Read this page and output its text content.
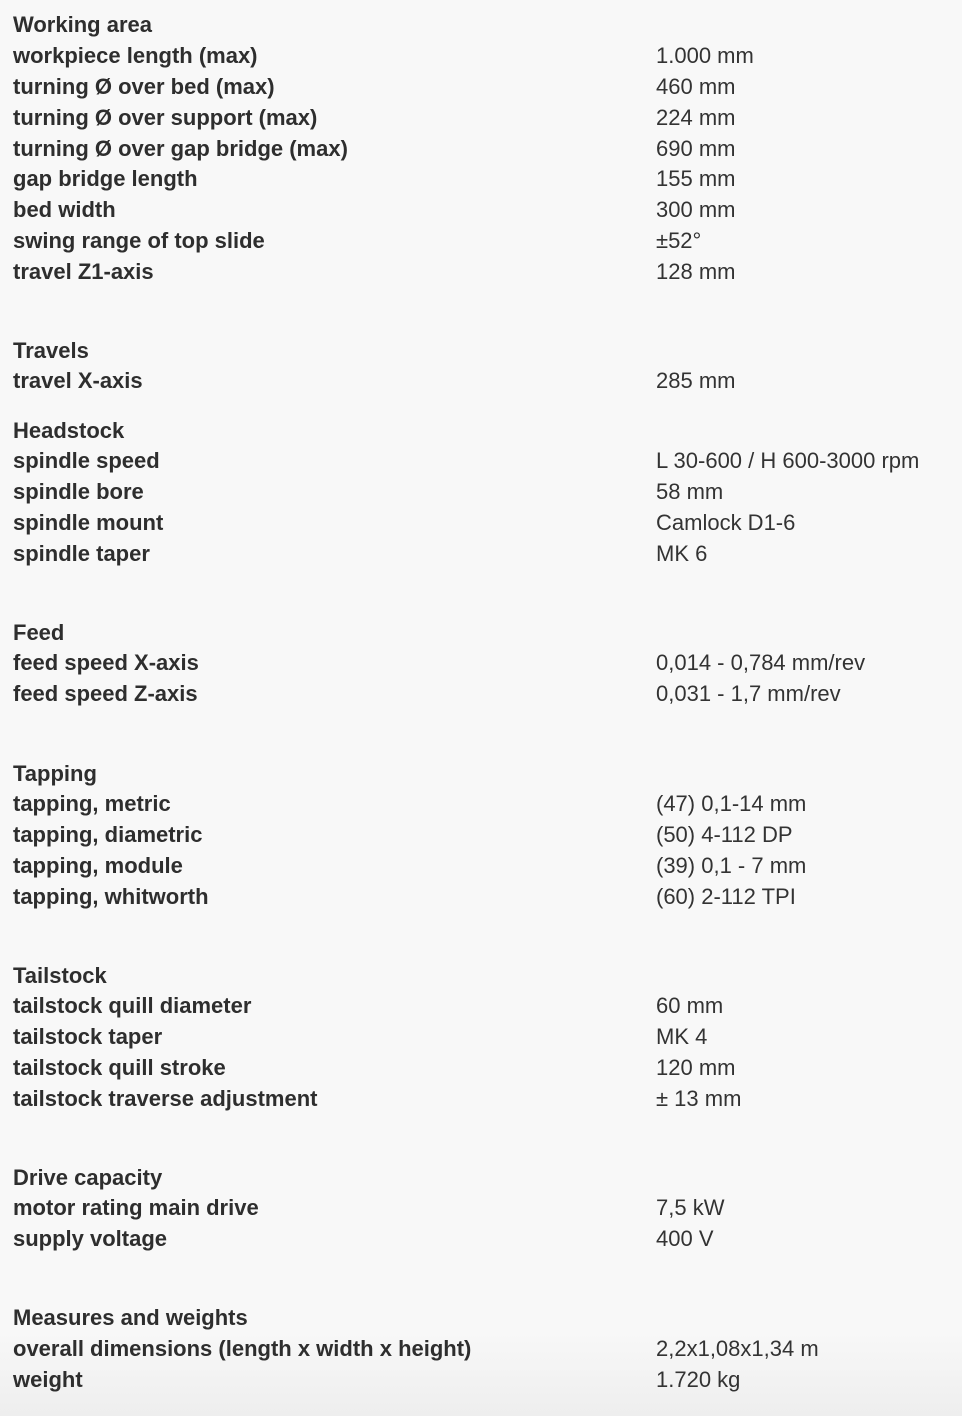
Working area
workpiece length (max)	1.000 mm
turning Ø over bed (max)	460 mm
turning Ø over support (max)	224 mm
turning Ø over gap bridge (max)	690 mm
gap bridge length	155 mm
bed width	300 mm
swing range of top slide	±52°
travel Z1-axis	128 mm
Travels
travel X-axis	285 mm
Headstock
spindle speed	L 30-600 / H 600-3000 rpm
spindle bore	58 mm
spindle mount	Camlock D1-6
spindle taper	MK 6
Feed
feed speed X-axis	0,014 - 0,784 mm/rev
feed speed Z-axis	0,031 - 1,7 mm/rev
Tapping
tapping, metric	(47) 0,1-14 mm
tapping, diametric	(50) 4-112 DP
tapping, module	(39) 0,1 - 7 mm
tapping, whitworth	(60) 2-112 TPI
Tailstock
tailstock quill diameter	60 mm
tailstock taper	MK 4
tailstock quill stroke	120 mm
tailstock traverse adjustment	± 13 mm
Drive capacity
motor rating main drive	7,5 kW
supply voltage	400 V
Measures and weights
overall dimensions (length x width x height)	2,2x1,08x1,34 m
weight	1.720 kg
